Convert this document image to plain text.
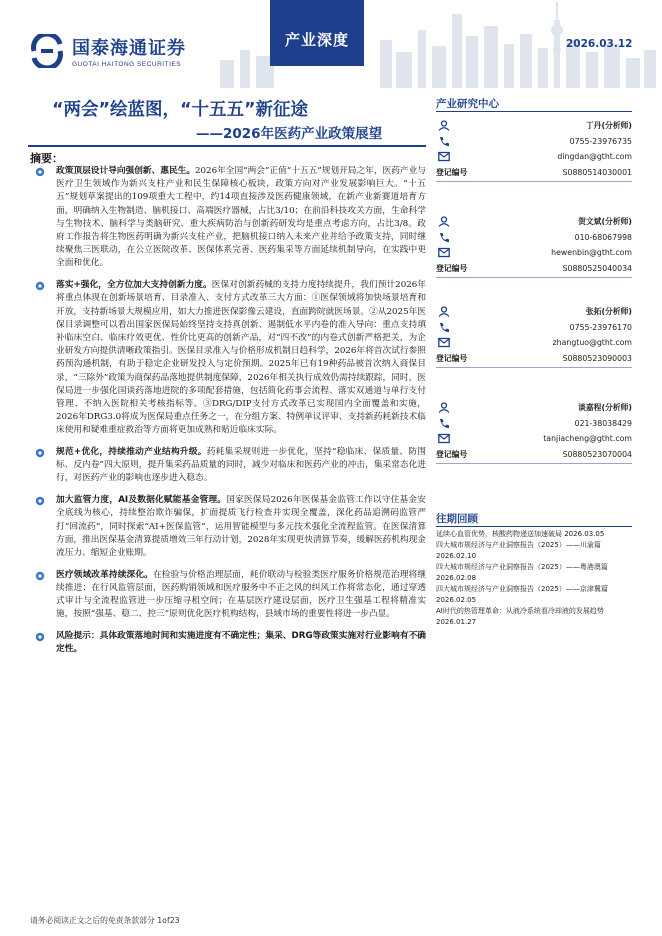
国泰海通证券
GUOTAI HAITONG SECURITIES
产业深度	2026.03.12
“两会”绘蓝图，“十五五”新征途
——2026年医药产业政策展望
摘要：
政策顶层设计导向强创新、惠民生。2026年全国“两会”正值“十五五”规划开局之年，医药产业与医疗卫生领域作为新兴支柱产业和民生保障核心板块，政策方向对产业发展影响巨大。“十五五”规划草案提出的109项重大工程中，约14项直接涉及医药健康领域，在新产业新赛道培育方面，明确纳入生物制造、脑机接口、高端医疗器械，占比3/10；在前沿科技攻关方面，生命科学与生物技术、脑科学与类脑研究、重大疾病防治与创新药研发均是重点考虑方向，占比3/8。政府工作报告将生物医药明确为新兴支柱产业，把脑机接口纳入未来产业并给予政策支持，同时继续聚焦三医联动，在公立医院改革、医保体系完善、医药集采等方面延续机制导向，在实践中更全面和优化。
落实+强化，全方位加大支持创新力度。医保对创新药械的支持力度持续提升，我们预计2026年将重点体现在创新场景培育、目录准入、支付方式改革三大方面：①医保领域将加快场景培育和开放，支持新场景大规模应用，如大力推进医保影像云建设，直面跨院就医场景。②从2025年医保目录调整可以看出国家医保局始终坚持支持真创新、遏制低水平内卷的准入导向：重点支持填补临床空白、临床疗效更优、性价比更高的创新产品，对“四不改”的内卷式创新严格把关，为企业研发方向提供清晰政策指引。医保目录准入与价格形成机制日趋科学，2026年将首次试行参照药预沟通机制，有助于稳定企业研发投入与定价预期。2025年已有19种药品被首次纳入商保目录，“三除外”政策为商保药品落地提供制度保障，2026年相关执行成效仍需持续跟踪，同时，医保局进一步强化国谈药落地进院的多项配套措施，包括简化药事会流程、落实双通道与单行支付管理、不纳入医院相关考核指标等。③DRG/DIP支付方式改革已实现国内全面覆盖和实施，2026年DRG3.0将成为医保局重点任务之一，在分组方案、特例单议评审、支持新药耗新技术临床使用和疑难重症救治等方面将更加成熟和贴近临床实际。
规范+优化，持续推动产业结构升级。药耗集采规则进一步优化，坚持“稳临床、保质量、防围标、反内卷”四大原则，提升集采药品质量的同时，减少对临床和医药产业的冲击，集采常态化进行，对医药产业的影响也逐步进入稳态。
加大监管力度，AI及数据化赋能基金管理。国家医保局2026年医保基金监管工作以守住基金安全底线为核心，持续整治欺诈骗保，扩面提质飞行检查并实现全覆盖，深化药品追溯码监管严打“回流药”，同时探索“AI+医保监管”，运用智能模型与多元技术强化全流程监管。在医保清算方面，推出医保基金清算提质增效三年行动计划，2028年实现更快清算节奏，缓解医药机构现金流压力、缩短企业账期。
医疗领域改革持续深化。在检验与价格治理层面，耗价联动与检验类医疗服务价格规范治理将继续推进；在行风监管层面，医药购销领域和医疗服务中不正之风的纠风工作将常态化，通过穿透式审计与全流程监管进一步压缩寻租空间；在基层医疗建设层面，医疗卫生强基工程将精准实施，按照“强基、稳二、控三”原则优化医疗机构结构，县域市场的重要性将进一步凸显。
风险提示：具体政策落地时间和实施进度有不确定性；集采、DRG等政策实施对行业影响有不确定性。
产业研究中心
丁丹(分析师)
0755-23976735
dingdan@gtht.com
登记编号	S0880514030001
贺文斌(分析师)
010-68067998
hewenbin@gtht.com
登记编号	S0880525040034
张拓(分析师)
0755-23976170
zhangtuo@gtht.com
登记编号	S0880523090003
谈嘉程(分析师)
021-38038429
tanjiacheng@gtht.com
登记编号	S0880523070004
往期回顾
延续心血管优势，核酸药物递送加速破局 2026.03.05
四大城市规经济与产业洞察报告（2025）——川渝篇 2026.02.10
四大城市规经济与产业洞察报告（2025）——粤港澳篇 2026.02.08
四大城市规经济与产业洞察报告（2025）——京津冀篇 2026.02.05
AI时代的热管理革命：从液冷系统看冷却液的发展趋势 2026.01.27
请务必阅读正文之后的免责条款部分 1of23
